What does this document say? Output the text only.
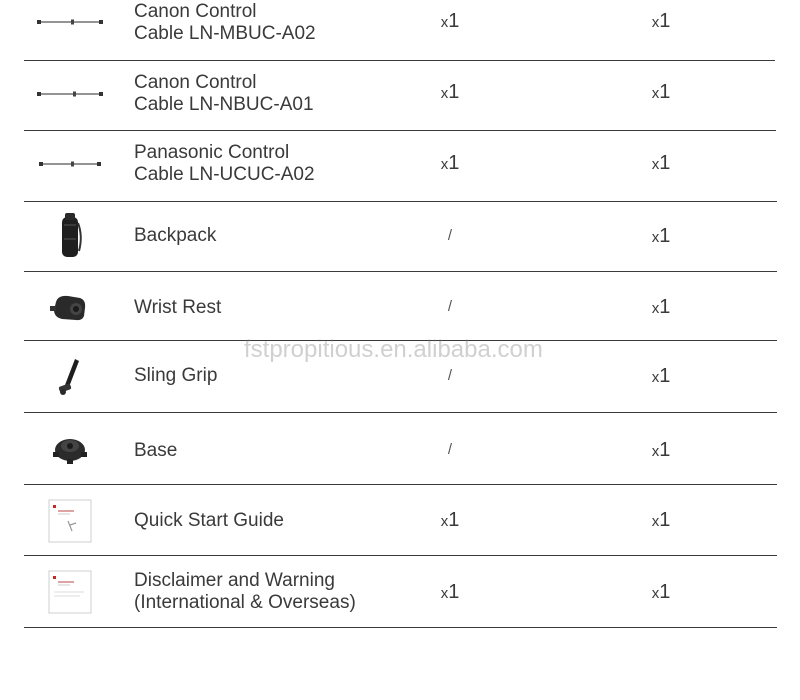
Canon Control
Cable LN-MBUC-A02
x1	x1
Canon Control
Cable LN-NBUC-A01
x1	x1
Panasonic Control
Cable LN-UCUC-A02	x1	x1
Backpack	/	x1
Wrist Rest	/	x1
Sling Grip	/	x1
Base	/	x1
Quick Start Guide	x1	x1
Disclaimer and Warning
(International & Overseas)	x1	x1
fstpropitious.en.alibaba.com
